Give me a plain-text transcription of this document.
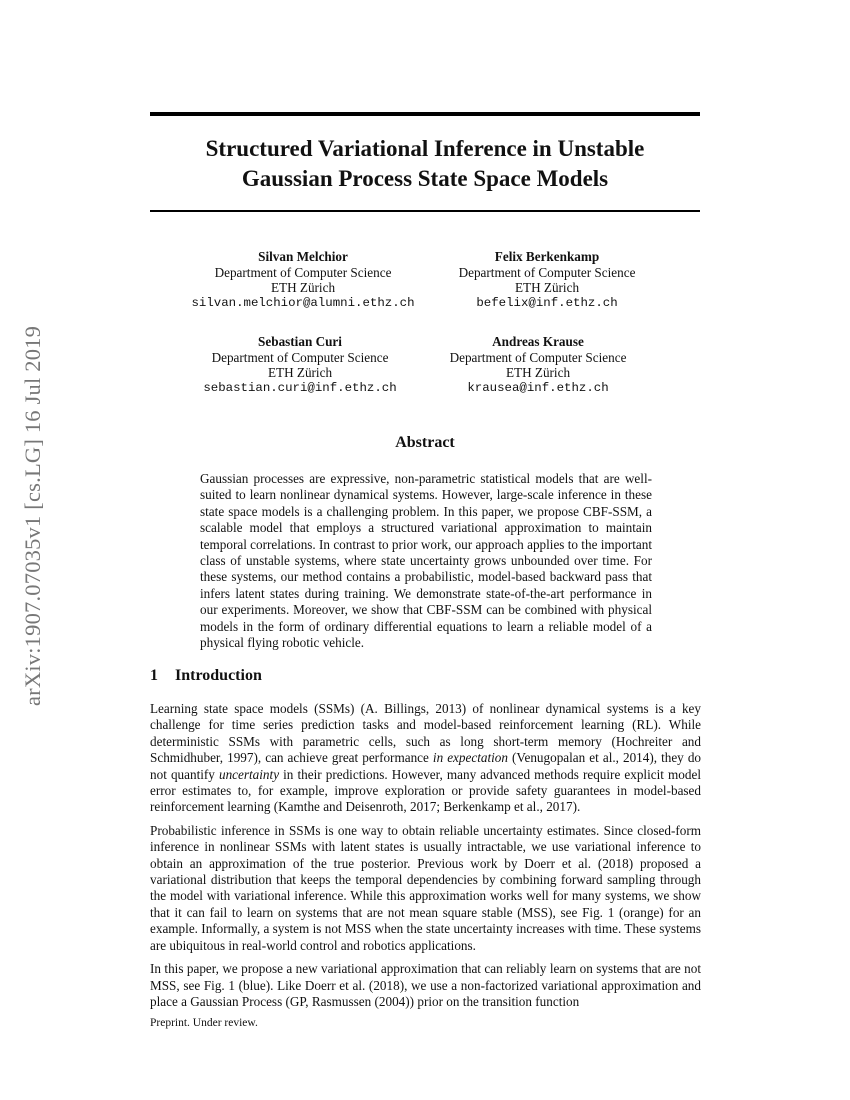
arXiv:1907.07035v1 [cs.LG] 16 Jul 2019
Structured Variational Inference in Unstable
Gaussian Process State Space Models
Silvan Melchior
Department of Computer Science
ETH Zürich
silvan.melchior@alumni.ethz.ch
Felix Berkenkamp
Department of Computer Science
ETH Zürich
befelix@inf.ethz.ch
Sebastian Curi
Department of Computer Science
ETH Zürich
sebastian.curi@inf.ethz.ch
Andreas Krause
Department of Computer Science
ETH Zürich
krausea@inf.ethz.ch
Abstract
Gaussian processes are expressive, non-parametric statistical models that are well-suited to learn nonlinear dynamical systems. However, large-scale inference in these state space models is a challenging problem. In this paper, we propose CBF-SSM, a scalable model that employs a structured variational approximation to maintain temporal correlations. In contrast to prior work, our approach applies to the important class of unstable systems, where state uncertainty grows unbounded over time. For these systems, our method contains a probabilistic, model-based backward pass that infers latent states during training. We demonstrate state-of-the-art performance in our experiments. Moreover, we show that CBF-SSM can be combined with physical models in the form of ordinary differential equations to learn a reliable model of a physical flying robotic vehicle.
1 Introduction

Learning state space models (SSMs) (A. Billings, 2013) of nonlinear dynamical systems is a key challenge for time series prediction tasks and model-based reinforcement learning (RL). While deterministic SSMs with parametric cells, such as long short-term memory (Hochreiter and Schmidhuber, 1997), can achieve great performance in expectation (Venugopalan et al., 2014), they do not quantify uncertainty in their predictions. However, many advanced methods require explicit model error estimates to, for example, improve exploration or provide safety guarantees in model-based reinforcement learning (Kamthe and Deisenroth, 2017; Berkenkamp et al., 2017).

Probabilistic inference in SSMs is one way to obtain reliable uncertainty estimates. Since closed-form inference in nonlinear SSMs with latent states is usually intractable, we use variational inference to obtain an approximation of the true posterior. Previous work by Doerr et al. (2018) proposed a variational distribution that keeps the temporal dependencies by combining forward sampling through the model with variational inference. While this approximation works well for many systems, we show that it can fail to learn on systems that are not mean square stable (MSS), see Fig. 1 (orange) for an example. Informally, a system is not MSS when the state uncertainty increases with time. These systems are ubiquitous in real-world control and robotics applications.

In this paper, we propose a new variational approximation that can reliably learn on systems that are not MSS, see Fig. 1 (blue). Like Doerr et al. (2018), we use a non-factorized variational approximation and place a Gaussian Process (GP, Rasmussen (2004)) prior on the transition function

Preprint. Under review.
